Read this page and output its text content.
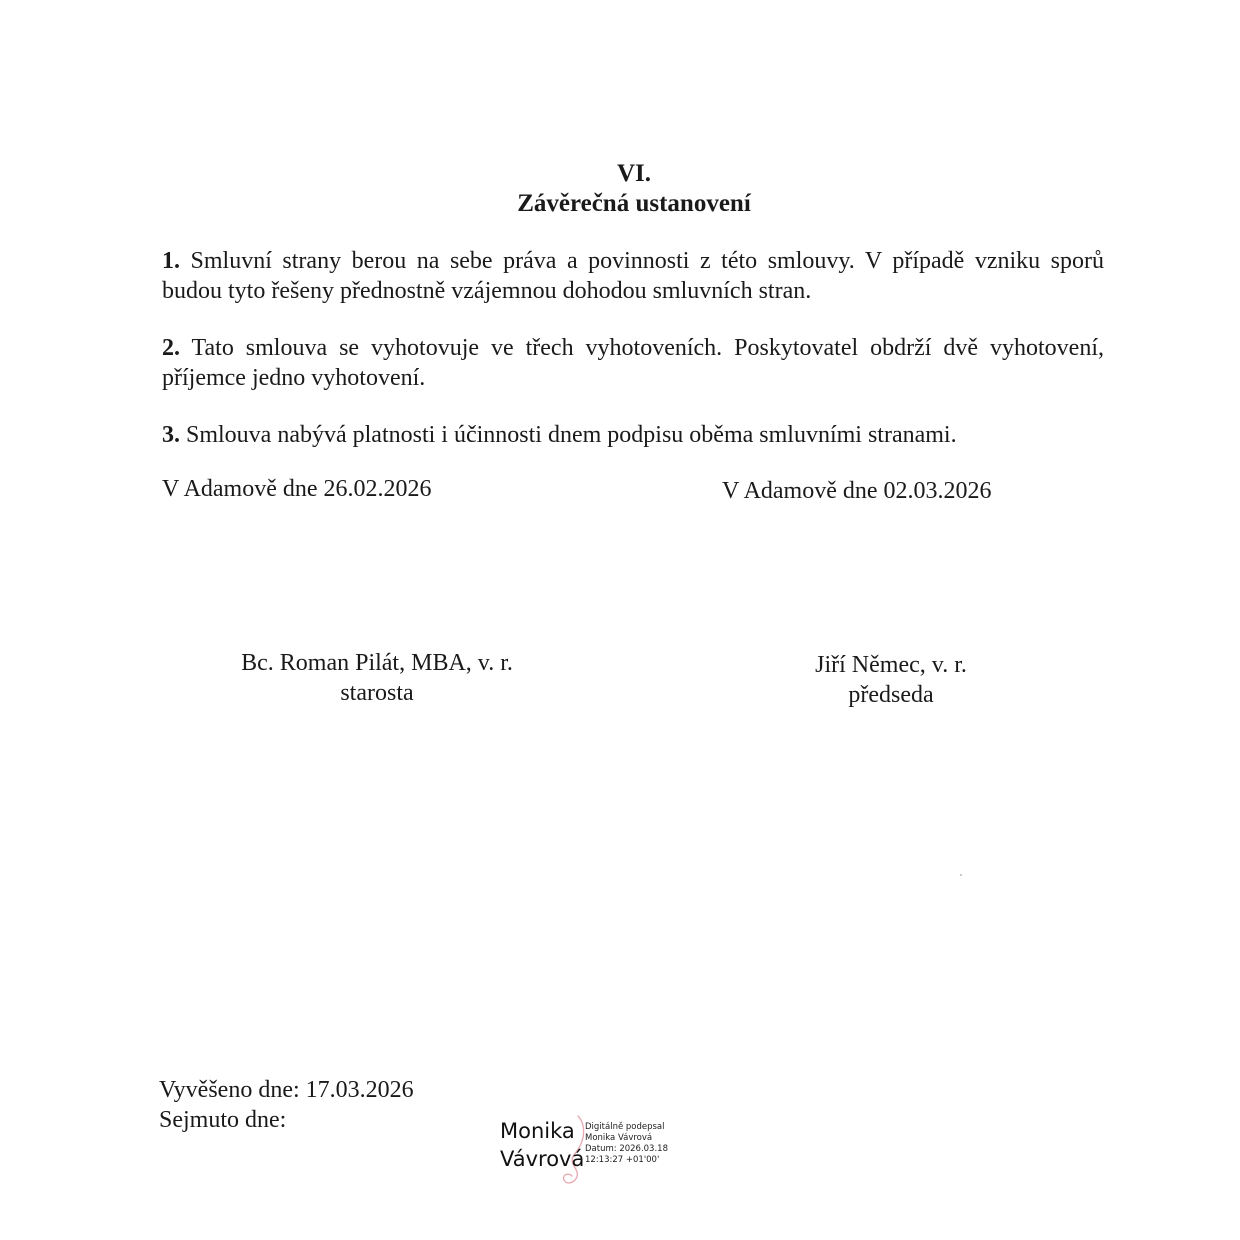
VI.
Závěrečná ustanovení
1. Smluvní strany berou na sebe práva a povinnosti z této smlouvy. V případě vzniku sporů
budou tyto řešeny přednostně vzájemnou dohodou smluvních stran.
2. Tato smlouva se vyhotovuje ve třech vyhotoveních. Poskytovatel obdrží dvě vyhotovení,
příjemce jedno vyhotovení.
3. Smlouva nabývá platnosti i účinnosti dnem podpisu oběma smluvními stranami.
V Adamově dne 26.02.2026	V Adamově dne 02.03.2026
Bc. Roman Pilát, MBA, v. r.
starosta
Jiří Němec, v. r.
předseda
Vyvěšeno dne: 17.03.2026
Sejmuto dne:	Monika
Vávrová
Digitálně podepsal
Monika Vávrová
Datum: 2026.03.18
12:13:27 +01'00'
